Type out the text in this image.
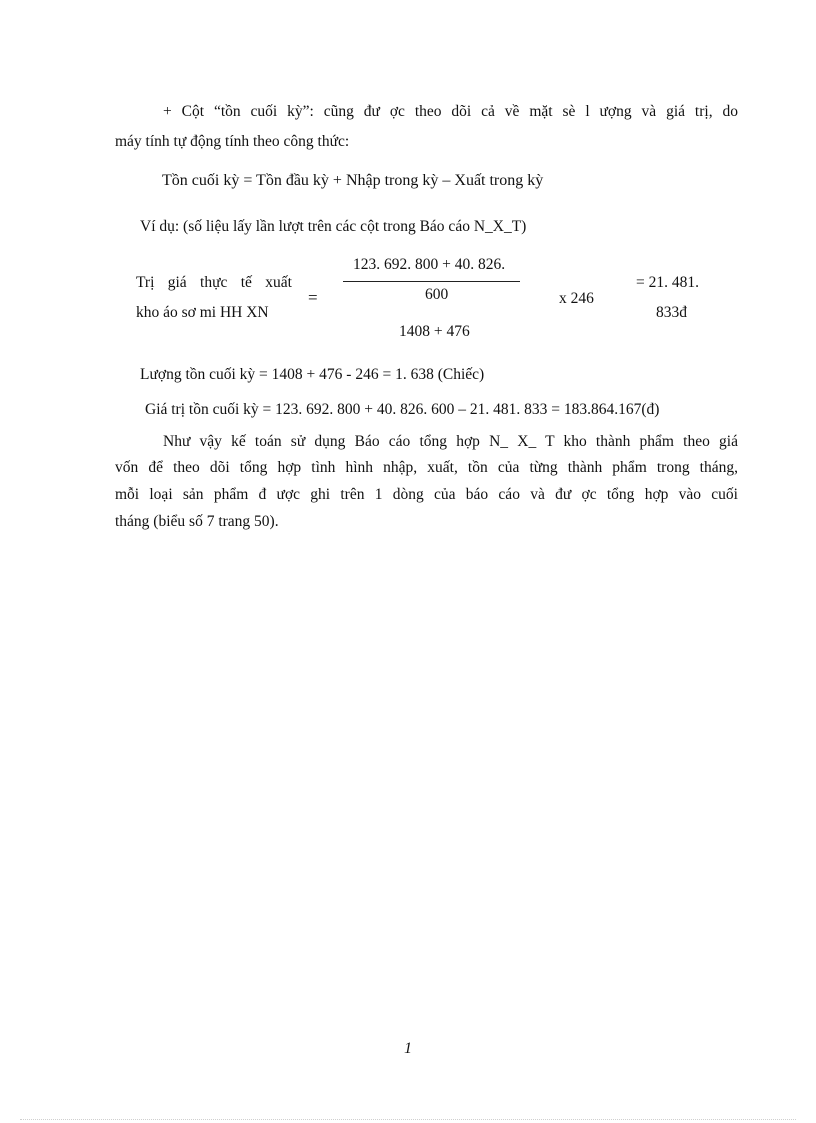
+ Cột “tồn cuối kỳ”: cũng đư ợc theo dõi cả về mặt sè l ượng và giá trị, do
máy tính tự động tính theo công thức:
Tồn cuối kỳ = Tồn đầu kỳ + Nhập trong kỳ – Xuất trong kỳ
Ví dụ: (số liệu lấy lần lượt trên các cột trong Báo cáo N_X_T)
Trị giá thực tế xuất
kho áo sơ mi HH XN
=
123. 692. 800 + 40. 826.
600
1408 + 476
x 246
= 21. 481.
833đ
Lượng tồn cuối kỳ = 1408 + 476 - 246 = 1. 638 (Chiếc)
Giá trị tồn cuối kỳ = 123. 692. 800 + 40. 826. 600 – 21. 481. 833 = 183.864.167(đ)
Như vậy kế toán sử dụng Báo cáo tổng hợp N_ X_ T kho thành phẩm theo giá
vốn để theo dõi tổng hợp tình hình nhập, xuất, tồn của từng thành phẩm trong tháng,
mỗi loại sản phẩm đ ược ghi trên 1 dòng của báo cáo và đư ợc tổng hợp vào cuối
tháng (biểu số 7 trang 50).
1
